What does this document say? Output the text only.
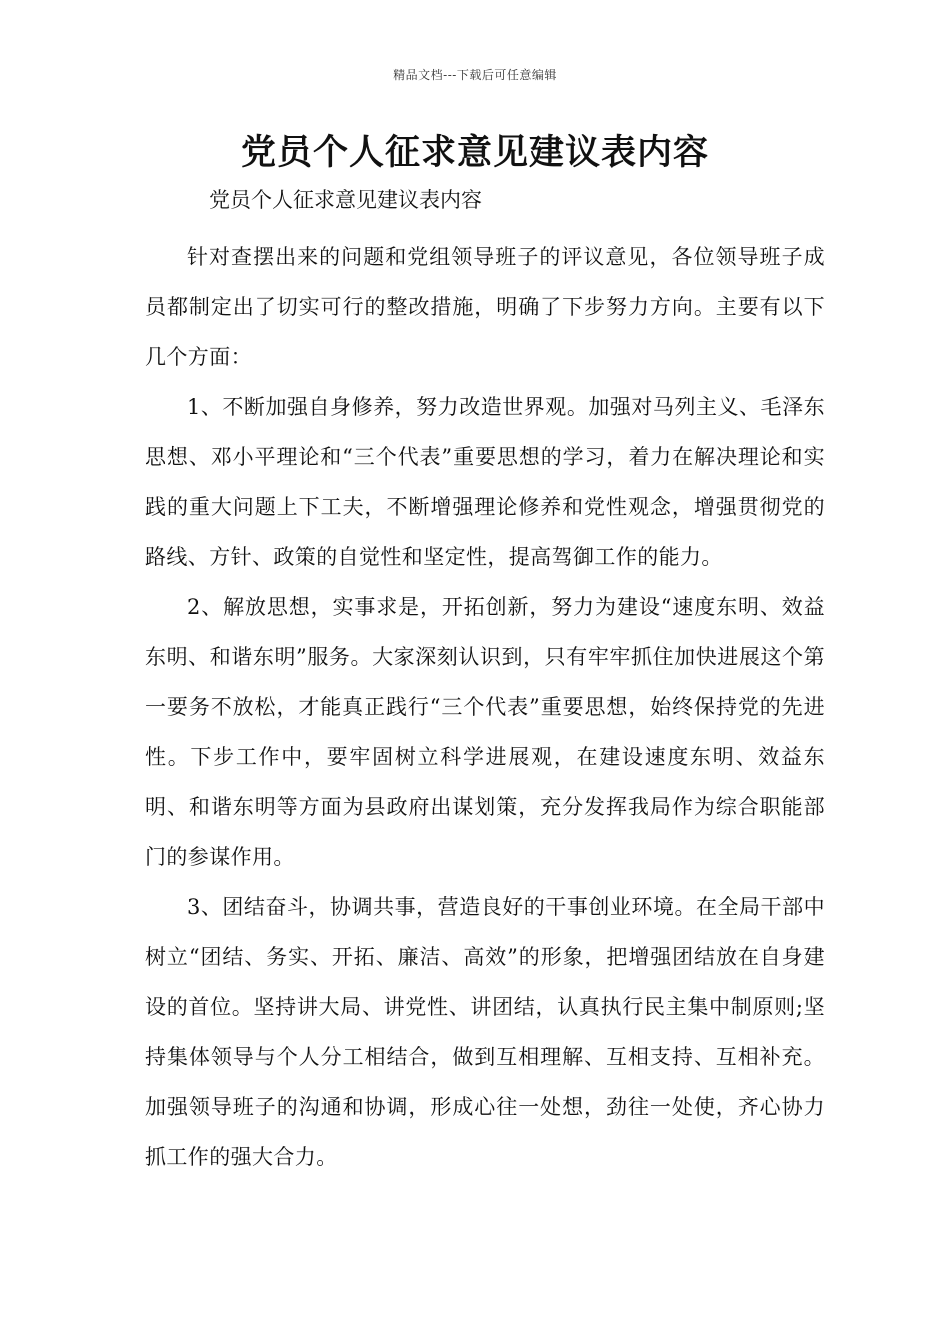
精品文档---下载后可任意编辑
党员个人征求意见建议表内容

党员个人征求意见建议表内容

针对查摆出来的问题和党组领导班子的评议意见，各位领导班子成员都制定出了切实可行的整改措施，明确了下步努力方向。主要有以下几个方面：

1、不断加强自身修养，努力改造世界观。加强对马列主义、毛泽东思想、邓小平理论和“三个代表”重要思想的学习，着力在解决理论和实践的重大问题上下工夫，不断增强理论修养和党性观念，增强贯彻党的路线、方针、政策的自觉性和坚定性，提高驾御工作的能力。

2、解放思想，实事求是，开拓创新，努力为建设“速度东明、效益东明、和谐东明”服务。大家深刻认识到，只有牢牢抓住加快进展这个第一要务不放松，才能真正践行“三个代表”重要思想，始终保持党的先进性。下步工作中，要牢固树立科学进展观，在建设速度东明、效益东明、和谐东明等方面为县政府出谋划策，充分发挥我局作为综合职能部门的参谋作用。

3、团结奋斗，协调共事，营造良好的干事创业环境。在全局干部中树立“团结、务实、开拓、廉洁、高效”的形象，把增强团结放在自身建设的首位。坚持讲大局、讲党性、讲团结，认真执行民主集中制原则;坚持集体领导与个人分工相结合，做到互相理解、互相支持、互相补充。加强领导班子的沟通和协调，形成心往一处想，劲往一处使，齐心协力抓工作的强大合力。
